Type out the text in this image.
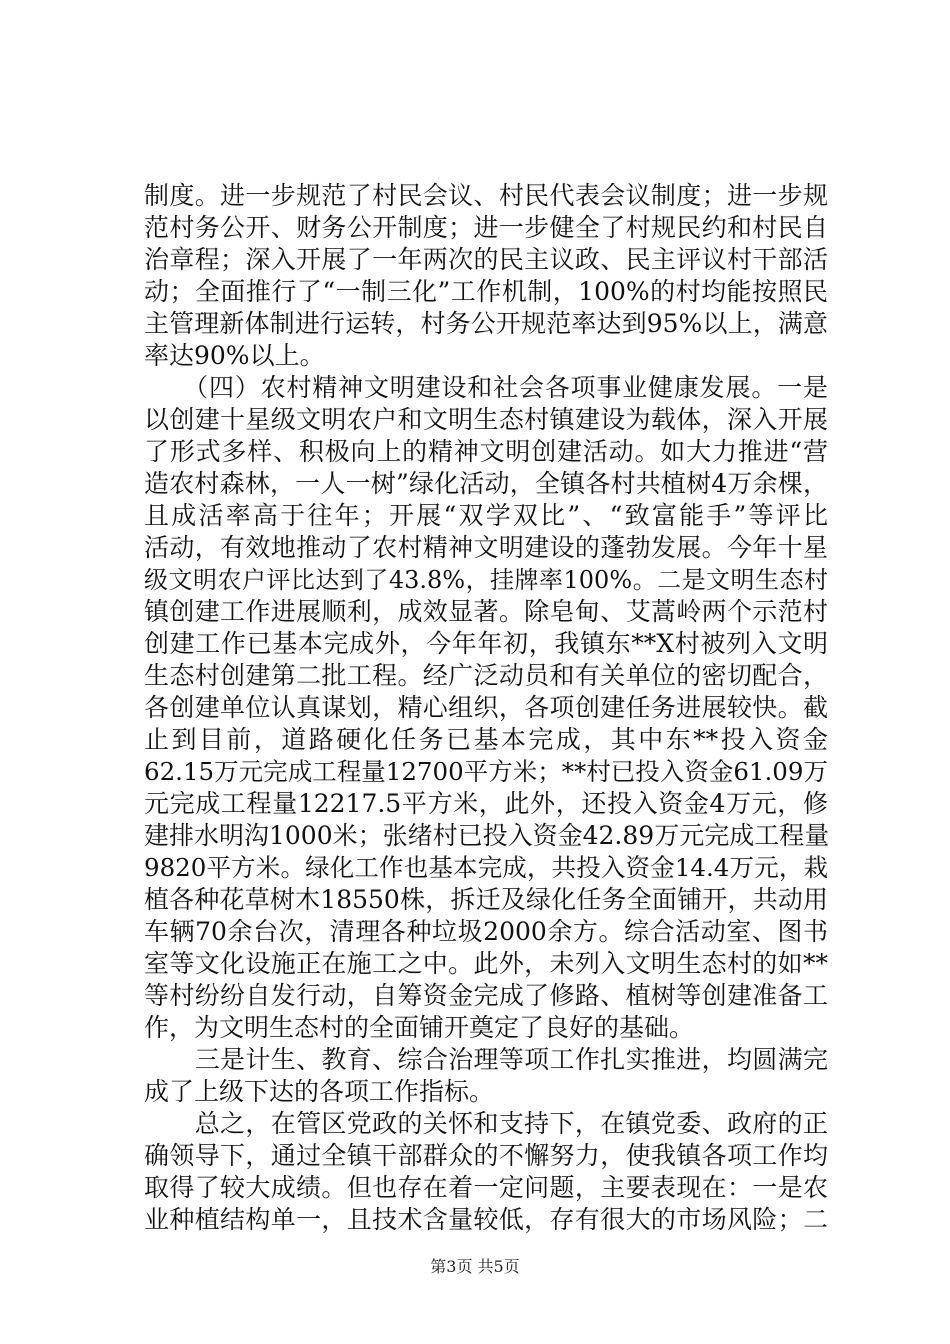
制度。进一步规范了村民会议、村民代表会议制度；进一步规
范村务公开、财务公开制度；进一步健全了村规民约和村民自
治章程；深入开展了一年两次的民主议政、民主评议村干部活
动；全面推行了“一制三化”工作机制，100%的村均能按照民
主管理新体制进行运转，村务公开规范率达到95%以上，满意
率达90%以上。
　　（四）农村精神文明建设和社会各项事业健康发展。一是
以创建十星级文明农户和文明生态村镇建设为载体，深入开展
了形式多样、积极向上的精神文明创建活动。如大力推进“营
造农村森林，一人一树”绿化活动，全镇各村共植树4万余棵，
且成活率高于往年；开展“双学双比”、“致富能手”等评比
活动，有效地推动了农村精神文明建设的蓬勃发展。今年十星
级文明农户评比达到了43.8%，挂牌率100%。二是文明生态村
镇创建工作进展顺利，成效显著。除皂甸、艾蒿岭两个示范村
创建工作已基本完成外，今年年初，我镇东**X村被列入文明
生态村创建第二批工程。经广泛动员和有关单位的密切配合，
各创建单位认真谋划，精心组织，各项创建任务进展较快。截
止到目前，道路硬化任务已基本完成，其中东**投入资金
62.15万元完成工程量12700平方米；**村已投入资金61.09万
元完成工程量12217.5平方米，此外，还投入资金4万元，修
建排水明沟1000米；张绪村已投入资金42.89万元完成工程量
9820平方米。绿化工作也基本完成，共投入资金14.4万元，栽
植各种花草树木18550株，拆迁及绿化任务全面铺开，共动用
车辆70余台次，清理各种垃圾2000余方。综合活动室、图书
室等文化设施正在施工之中。此外，未列入文明生态村的如**
等村纷纷自发行动，自筹资金完成了修路、植树等创建准备工
作，为文明生态村的全面铺开奠定了良好的基础。
　　三是计生、教育、综合治理等项工作扎实推进，均圆满完
成了上级下达的各项工作指标。
　　总之，在管区党政的关怀和支持下，在镇党委、政府的正
确领导下，通过全镇干部群众的不懈努力，使我镇各项工作均
取得了较大成绩。但也存在着一定问题，主要表现在：一是农
业种植结构单一，且技术含量较低，存有很大的市场风险；二
第3页 共5页
